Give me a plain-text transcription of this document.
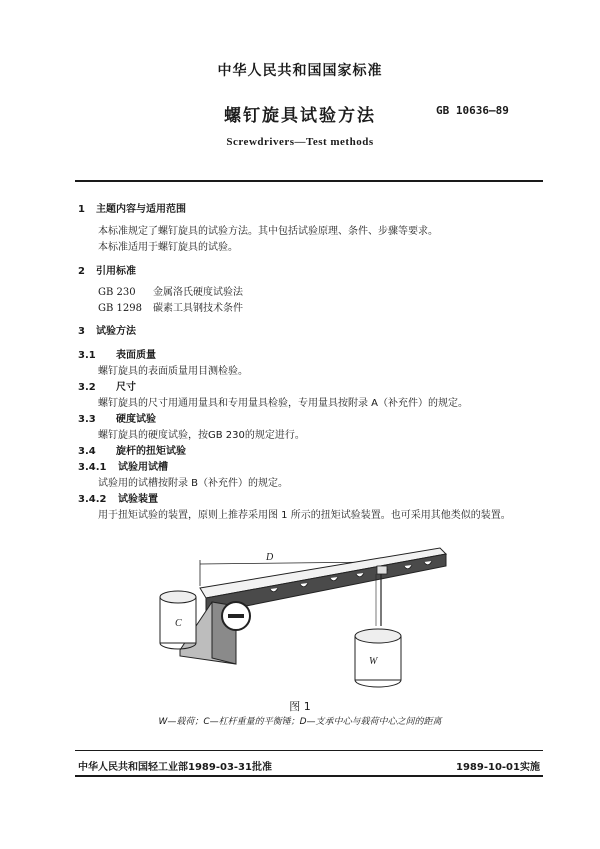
中华人民共和国国家标准
螺钉旋具试验方法	GB 10636—89
Screwdrivers—Test methods
1 主题内容与适用范围
本标准规定了螺钉旋具的试验方法。其中包括试验原理、条件、步骤等要求。
本标准适用于螺钉旋具的试验。
2 引用标准
GB 230 金属洛氏硬度试验法
GB 1298 碳素工具钢技术条件
3 试验方法
3.1 表面质量
螺钉旋具的表面质量用目测检验。
3.2 尺寸
螺钉旋具的尺寸用通用量具和专用量具检验，专用量具按附录 A（补充件）的规定。
3.3 硬度试验
螺钉旋具的硬度试验，按GB 230的规定进行。
3.4 旋杆的扭矩试验
3.4.1 试验用试槽
试验用的试槽按附录 B（补充件）的规定。
3.4.2 试验装置
用于扭矩试验的装置，原则上推荐采用图 1 所示的扭矩试验装置。也可采用其他类似的装置。
D
C
W
图 1
W—载荷；C—杠杆重量的平衡锤；D—支承中心与载荷中心之间的距离
中华人民共和国轻工业部1989-03-31批准	1989-10-01实施
